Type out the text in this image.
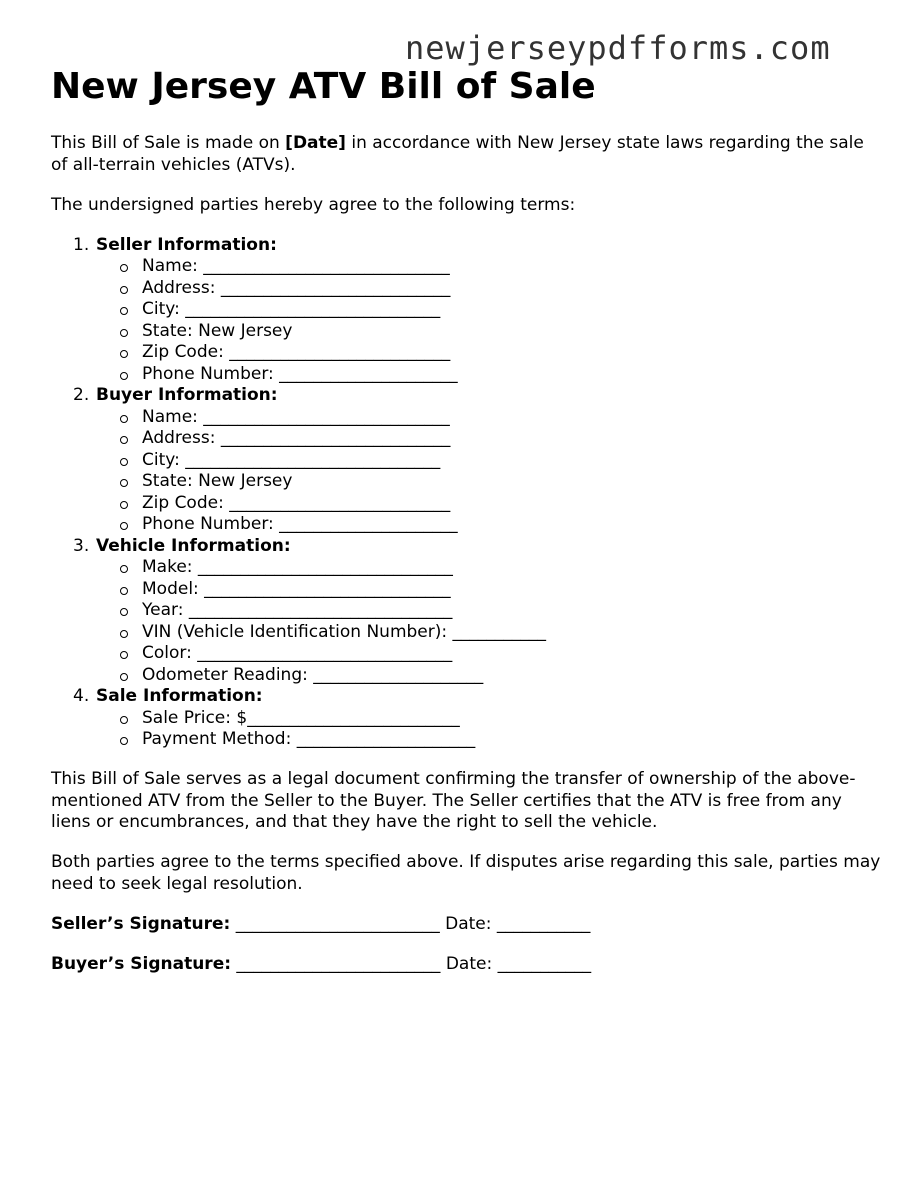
newjerseypdfforms.com
New Jersey ATV Bill of Sale

This Bill of Sale is made on [Date] in accordance with New Jersey state laws regarding the sale of all-terrain vehicles (ATVs).

The undersigned parties hereby agree to the following terms:

1. Seller Information:
Name: _____________________________
Address: ___________________________
City: ______________________________
State: New Jersey
Zip Code: __________________________
Phone Number: _____________________
2. Buyer Information:
Name: _____________________________
Address: ___________________________
City: ______________________________
State: New Jersey
Zip Code: __________________________
Phone Number: _____________________
3. Vehicle Information:
Make: ______________________________
Model: _____________________________
Year: _______________________________
VIN (Vehicle Identification Number): ___________
Color: ______________________________
Odometer Reading: ____________________
4. Sale Information:
Sale Price: $_________________________
Payment Method: _____________________

This Bill of Sale serves as a legal document confirming the transfer of ownership of the above-mentioned ATV from the Seller to the Buyer. The Seller certifies that the ATV is free from any liens or encumbrances, and that they have the right to sell the vehicle.

Both parties agree to the terms specified above. If disputes arise regarding this sale, parties may need to seek legal resolution.

Seller’s Signature: ________________________ Date: ___________

Buyer’s Signature: ________________________ Date: ___________
